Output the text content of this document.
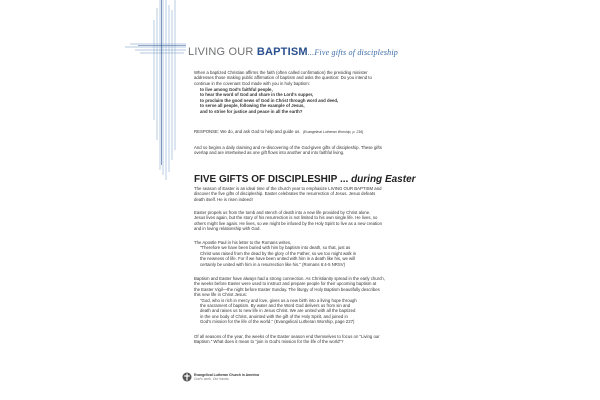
LIVING OUR BAPTISM...Five gifts of discipleship
When a baptized Christian affirms the faith (often called confirmation) the presiding minister
addresses those making public affirmation of baptism and asks the question: Do you intend to
continue in the covenant God made with you in holy baptism:
to live among God's faithful people,
to hear the word of God and share in the Lord's supper,
to proclaim the good news of God in Christ through word and deed,
to serve all people, following the example of Jesus,
and to strive for justice and peace in all the earth?
RESPONSE: We do, and ask God to help and guide us. (Evangelical Lutheran Worship, p. 236)
And so begins a daily claiming and re-discovering of the God-given gifts of discipleship. These gifts
overlap and are intertwined as one gift flows into another and into faithful living.
FIVE GIFTS OF DISCIPLESHIP ... during Easter
The season of Easter is an ideal time of the church year to emphasize LIVING OUR BAPTISM and
discover the five gifts of discipleship. Easter celebrates the resurrection of Jesus. Jesus defeats
death itself. He is risen indeed!
Easter propels us from the tomb and stench of death into a new life provided by Christ alone.
Jesus lives again, but the story of his resurrection is not limited to his own single life. He lives, so
others might live again. He lives, so we might be infused by the Holy Spirit to live as a new creation
and in loving relationship with God.
The Apostle Paul in his letter to the Romans writes,
"Therefore we have been buried with him by baptism into death, so that, just as
Christ was raised from the dead by the glory of the Father, so we too might walk in
the newness of life. For if we have been united with him in a death like his, we will
certainly be united with him in a resurrection like his." (Romans 6:4-5 NRSV)
Baptism and Easter have always had a strong connection. As Christianity spread in the early church,
the weeks before Easter were used to instruct and prepare people for their upcoming baptism at
the Easter Vigil—the night before Easter Sunday. The liturgy of Holy Baptism beautifully describes
this new life in Christ Jesus:
"God, who is rich in mercy and love, gives us a new birth into a living hope through
the sacrament of baptism. By water and the Word God delivers us from sin and
death and raises us to new life in Jesus Christ. We are united with all the baptized
in the one body of Christ, anointed with the gift of the Holy Spirit, and joined in
God's mission for the life of the world." (Evangelical Lutheran Worship, page 227)
Of all seasons of the year, the weeks of the Easter season end themselves to focus on "Living our
Baptism." What does it mean to "join in God's mission for the life of the world"?
Evangelical Lutheran Church in America
God's work. Our hands.
